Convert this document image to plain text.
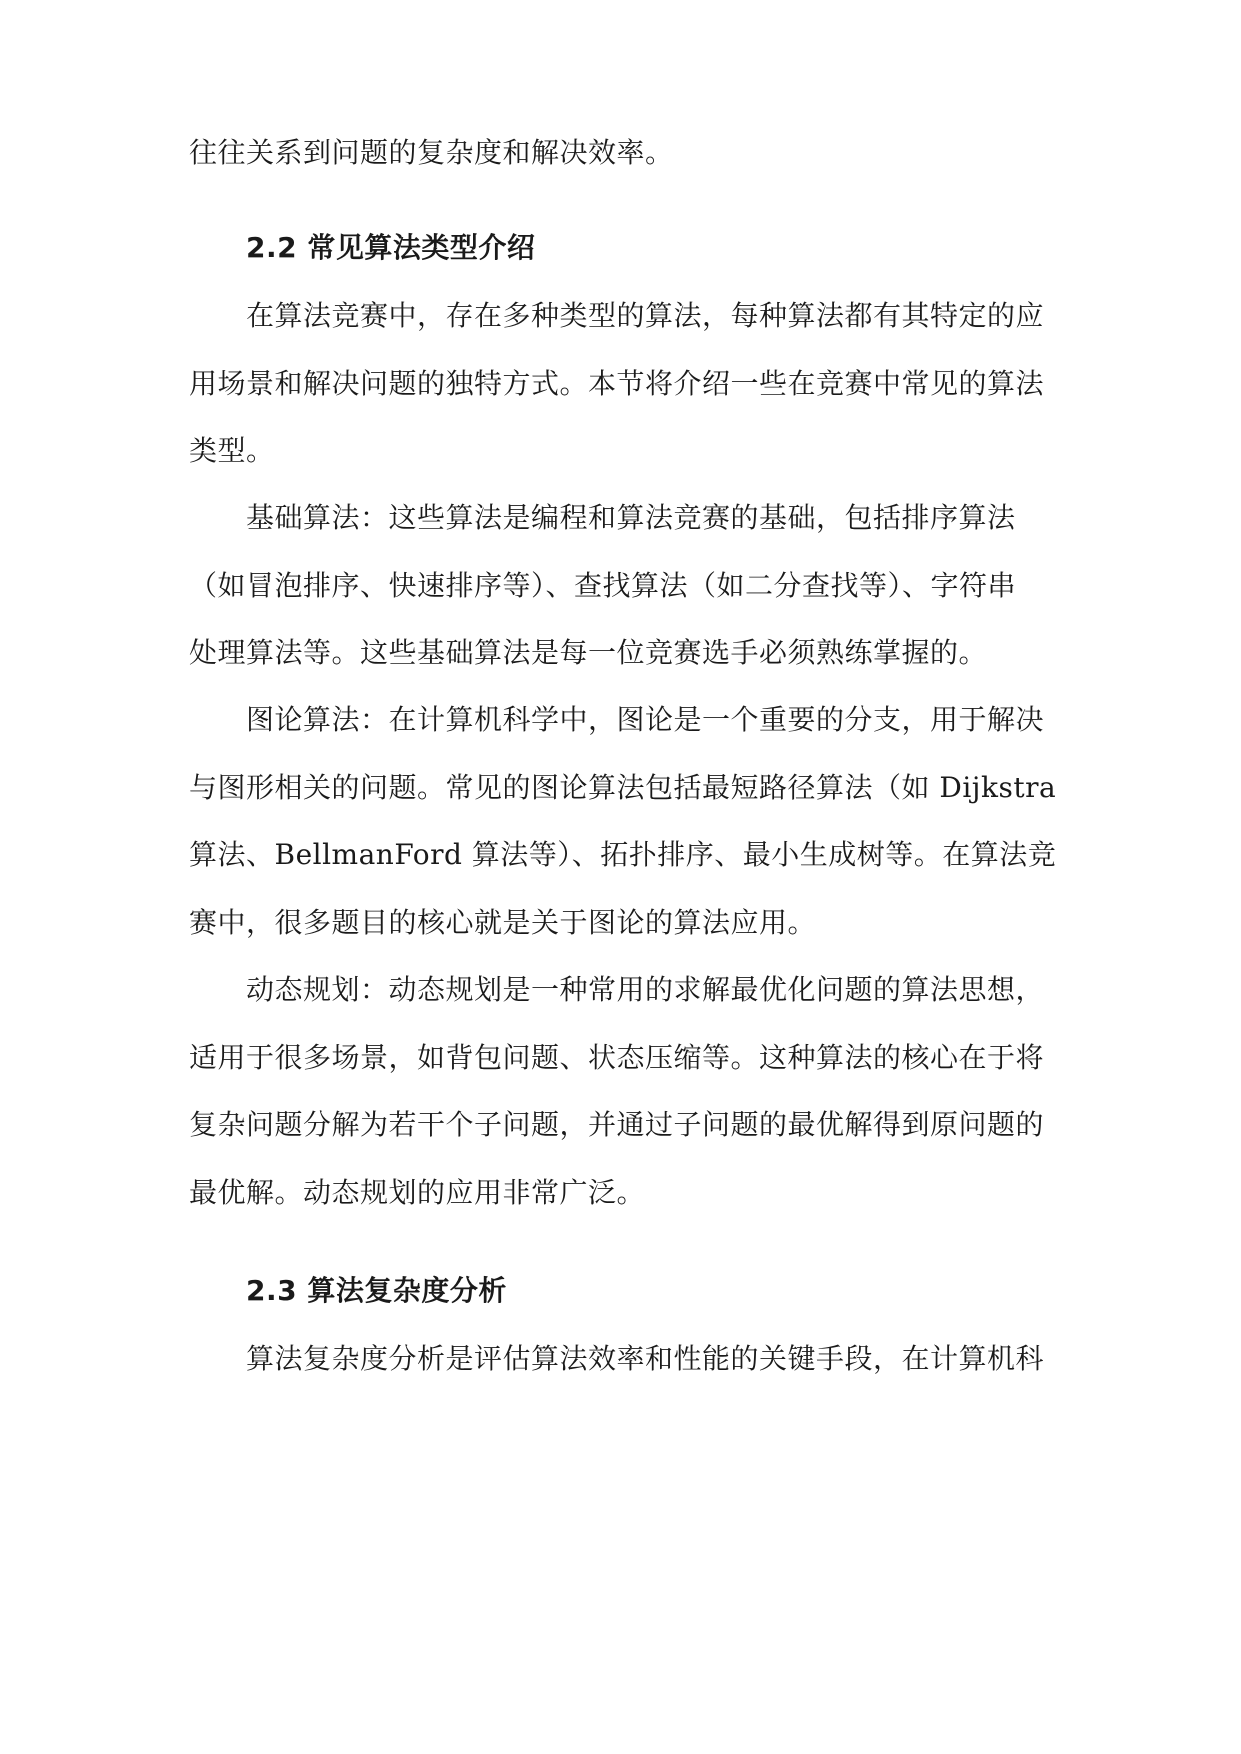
往往关系到问题的复杂度和解决效率。
2.2 常见算法类型介绍
在算法竞赛中，存在多种类型的算法，每种算法都有其特定的应
用场景和解决问题的独特方式。本节将介绍一些在竞赛中常见的算法
类型。
基础算法：这些算法是编程和算法竞赛的基础，包括排序算法
（如冒泡排序、快速排序等）、查找算法（如二分查找等）、字符串
处理算法等。这些基础算法是每一位竞赛选手必须熟练掌握的。
图论算法：在计算机科学中，图论是一个重要的分支，用于解决
与图形相关的问题。常见的图论算法包括最短路径算法（如 Dijkstra
算法、BellmanFord 算法等）、拓扑排序、最小生成树等。在算法竞
赛中，很多题目的核心就是关于图论的算法应用。
动态规划：动态规划是一种常用的求解最优化问题的算法思想，
适用于很多场景，如背包问题、状态压缩等。这种算法的核心在于将
复杂问题分解为若干个子问题，并通过子问题的最优解得到原问题的
最优解。动态规划的应用非常广泛。
2.3 算法复杂度分析
算法复杂度分析是评估算法效率和性能的关键手段，在计算机科
